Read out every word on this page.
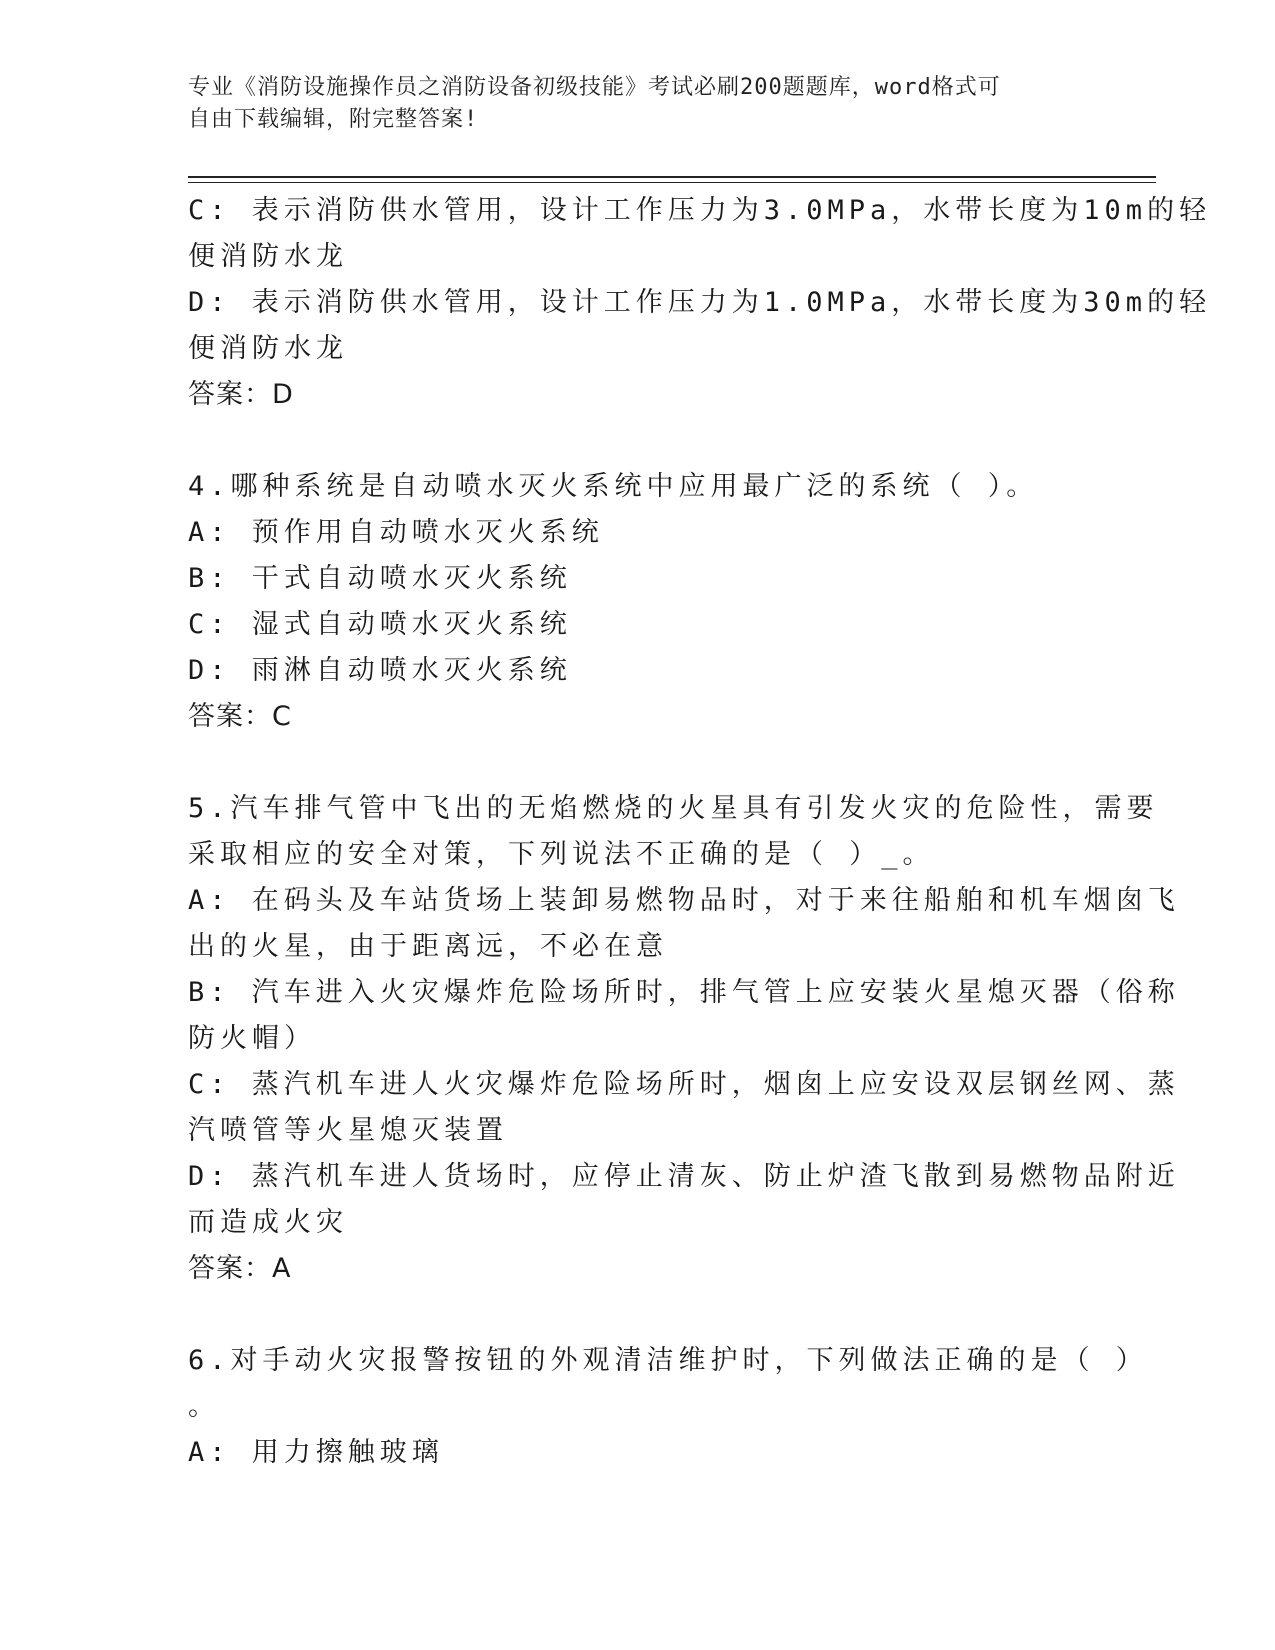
专业《消防设施操作员之消防设备初级技能》考试必刷200题题库，word格式可

自由下载编辑，附完整答案!

C: 表示消防供水管用，设计工作压力为3.0MPa，水带长度为10m的轻

便消防水龙

D: 表示消防供水管用，设计工作压力为1.0MPa，水带长度为30m的轻

便消防水龙

答案：D

4.哪种系统是自动喷水灭火系统中应用最广泛的系统（ ）。

A: 预作用自动喷水灭火系统

B: 干式自动喷水灭火系统

C: 湿式自动喷水灭火系统

D: 雨淋自动喷水灭火系统

答案：C

5.汽车排气管中飞出的无焰燃烧的火星具有引发火灾的危险性，需要

采取相应的安全对策，下列说法不正确的是（ ）_。

A: 在码头及车站货场上装卸易燃物品时，对于来往船舶和机车烟囱飞

出的火星，由于距离远，不必在意

B: 汽车进入火灾爆炸危险场所时，排气管上应安装火星熄灭器（俗称

防火帽）

C: 蒸汽机车进人火灾爆炸危险场所时，烟囱上应安设双层钢丝网、蒸

汽喷管等火星熄灭装置

D: 蒸汽机车进人货场时，应停止清灰、防止炉渣飞散到易燃物品附近

而造成火灾

答案：A

6.对手动火灾报警按钮的外观清洁维护时，下列做法正确的是（ ）

。

A: 用力擦触玻璃
